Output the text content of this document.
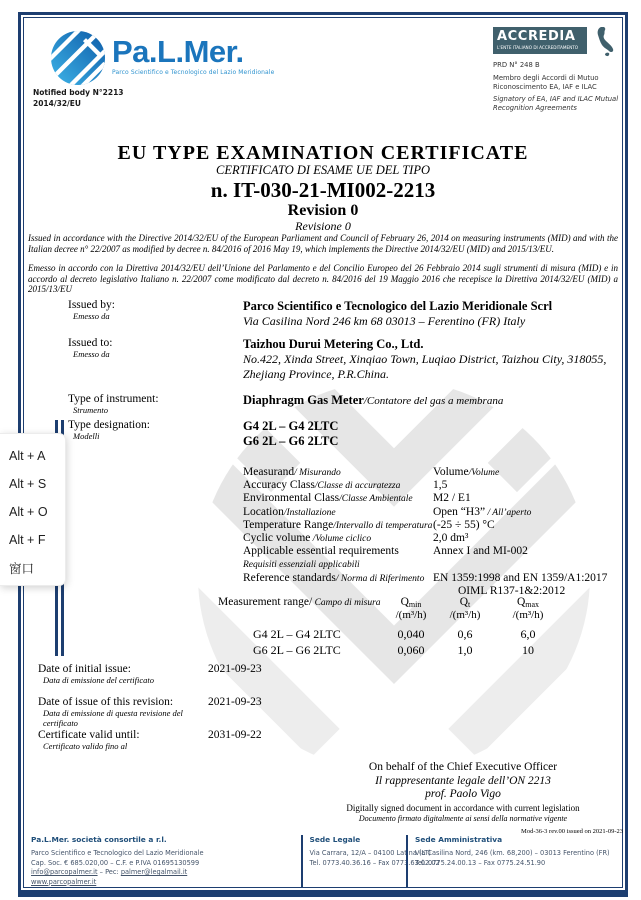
Pa.L.Mer.
Parco Scientifico e Tecnologico del Lazio Meridionale
Notified body N°2213
2014/32/EU
ACCREDIA
L'ENTE ITALIANO DI ACCREDITAMENTO
PRD N° 248 B
Membro degli Accordi di Mutuo
Riconoscimento EA, IAF e ILAC
Signatory of EA, IAF and ILAC Mutual
Recognition Agreements
EU TYPE EXAMINATION CERTIFICATE
CERTIFICATO DI ESAME UE DEL TIPO
n. IT-030-21-MI002-2213
Revision 0
Revisione 0
Issued in accordance with the Directive 2014/32/EU of the European Parliament and Council of February 26, 2014 on measuring instruments (MID) and with the Italian decree n° 22/2007 as modified by decree n. 84/2016 of 2016 May 19, which implements the Directive 2014/32/EU (MID) and 2015/13/EU.
Emesso in accordo con la Direttiva 2014/32/EU dell’Unione del Parlamento e del Concilio Europeo del 26 Febbraio 2014 sugli strumenti di misura (MID) e in accordo al decreto legislativo Italiano n. 22/2007 come modificato dal decreto n. 84/2016 del 19 Maggio 2016 che recepisce la Direttiva 2014/32/EU (MID) a 2015/13/EU
Issued by:
Emesso da
Parco Scientifico e Tecnologico del Lazio Meridionale Scrl
Via Casilina Nord 246 km 68 03013 – Ferentino (FR) Italy
Issued to:
Emesso da
Taizhou Durui Metering Co., Ltd.
No.422, Xinda Street, Xinqiao Town, Luqiao District, Taizhou City, 318055,
Zhejiang Province, P.R.China.
Type of instrument:
Strumento
Diaphragm Gas Meter/Contatore del gas a membrana
Type designation:
Modelli
G4 2L – G4 2LTC
G6 2L – G6 2LTC
Measurand/ Misurando	Volume/Volume
Accuracy Class/Classe di accuratezza	1,5
Environmental Class/Classe Ambientale M2 / E1
Location/Installazione	Open “H3” / All’aperto
Temperature Range/Intervallo di temperatura (-25 ÷ 55) °C
Cyclic volume /Volume ciclico	2,0 dm³
Applicable essential requirements	Annex I and MI-002
Requisiti essenziali applicabili
Reference standards/ Norma di Riferimento EN 1359:1998 and EN 1359/A1:2017
OIML R137-1&2:2012
Measurement range/ Campo di misura	Qmin	Qt	Qmax
/(m³/h)	/(m³/h)	/(m³/h)
G4 2L – G4 2LTC	0,040	0,6	6,0
G6 2L – G6 2LTC	0,060	1,0	10
Date of initial issue:
Data di emissione del certificato
2021-09-23
Date of issue of this revision:
Data di emissione di questa revisione del certificato
2021-09-23
Certificate valid until:
Certificato valido fino al
2031-09-22
On behalf of the Chief Executive Officer
Il rappresentante legale dell’ON 2213
prof. Paolo Vigo
Digitally signed document in accordance with current legislation
Documento firmato digitalmente ai sensi della normative vigente
Mod-36-3 rev.00 issued on 2021-09-23
Pa.L.Mer. società consortile a r.l.
Parco Scientifico e Tecnologico del Lazio Meridionale
Cap. Soc. € 685.020,00 – C.F. e P.IVA 01695130599
info@parcopalmer.it – Pec: palmer@legalmail.it
www.parcopalmer.it
Sede Legale
Via Carrara, 12/A – 04100 Latina (LT)
Tel. 0773.40.36.16 – Fax 0773.63.02.02
Sede Amministrativa
Via Casilina Nord, 246 (km. 68,200) – 03013 Ferentino (FR)
Tel. 0775.24.00.13 – Fax 0775.24.51.90
Alt + A
Alt + S
Alt + O
Alt + F
窗口
